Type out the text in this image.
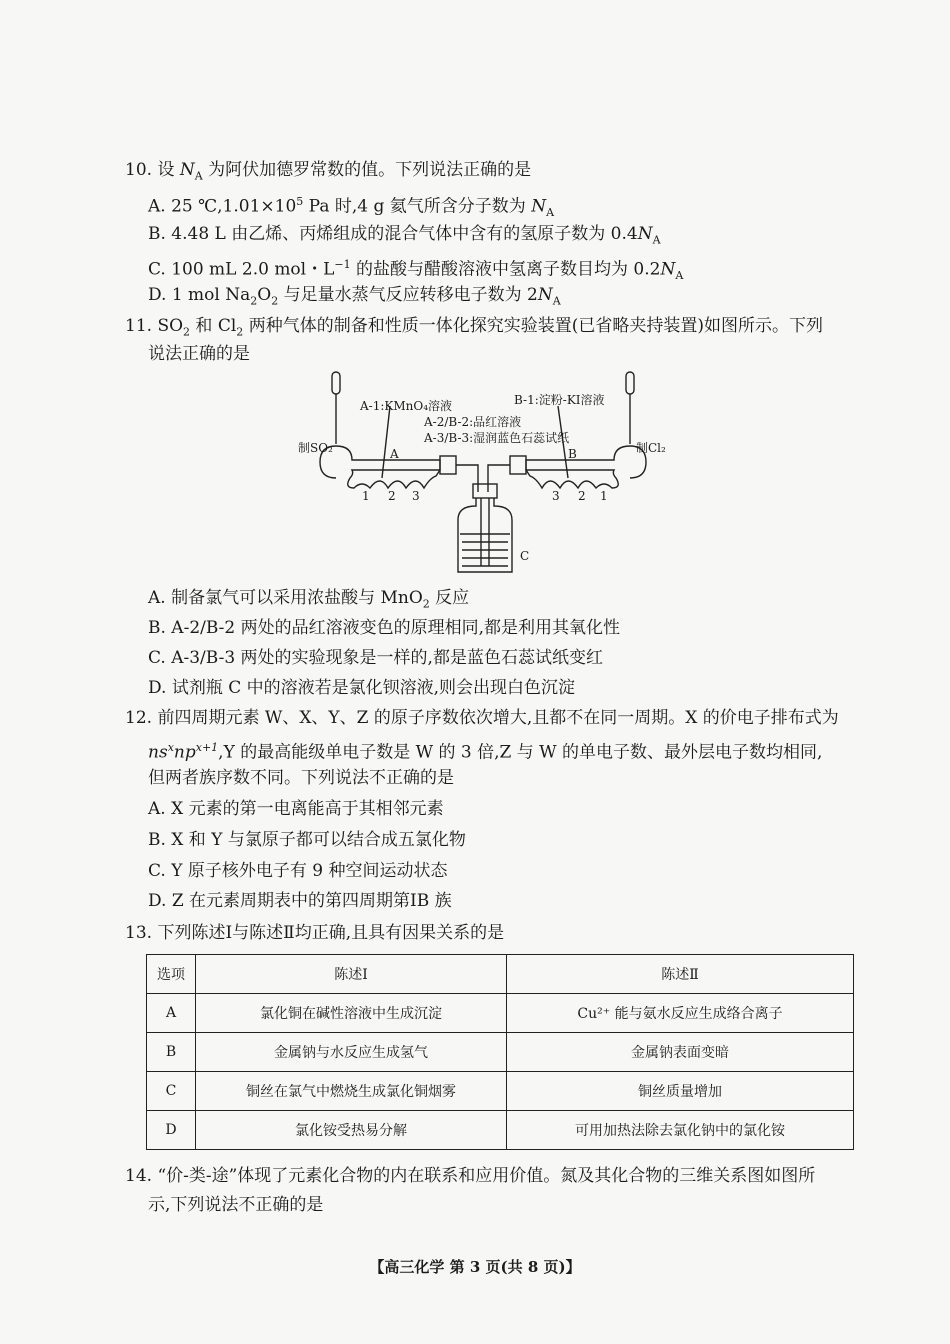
10. 设 $N_A$ 为阿伏加德罗常数的值。下列说法正确的是
A. 25 $℃,1.01\times 10^5$ Pa 时,4 g 氦气所含分子数为 $N_A$
B. 4.48 L 由乙烯、丙烯组成的混合气体中含有的氢原子数为 $0.4N_A$
C. 100 mL 2.0 mol・$L^{-1}$ 的盐酸与醋酸溶液中氢离子数目均为 $0.2N_A$
D. 1 mol $Na_2O_2$ 与足量水蒸气反应转移电子数为 $2N_A$
11. $SO_2$ 和 $Cl_2$ 两种气体的制备和性质一体化探究实验装置(已省略夹持装置)如图所示。下列
说法正确的是
A-1:KMnO₄溶液	B-1:淀粉-KI溶液
A-2/B-2:品红溶液
A-3/B-3:湿润蓝色石蕊试纸
制SO₂	制Cl₂
A	B
C
1 2 3	3 2 1
A. 制备氯气可以采用浓盐酸与 MnO$_2$ 反应
B. A-2/B-2 两处的品红溶液变色的原理相同,都是利用其氧化性
C. A-3/B-3 两处的实验现象是一样的,都是蓝色石蕊试纸变红
D. 试剂瓶 C 中的溶液若是氯化钡溶液,则会出现白色沉淀
12. 前四周期元素 W、X、Y、Z 的原子序数依次增大,且都不在同一周期。X 的价电子排布式为
$ns^xnp^{x+1},Y$ 的最高能级单电子数是 W 的 3 倍,Z 与 W 的单电子数、最外层电子数均相同,
但两者族序数不同。下列说法不正确的是
A. X 元素的第一电离能高于其相邻元素
B. X 和 Y 与氯原子都可以结合成五氯化物
C. Y 原子核外电子有 9 种空间运动状态
D. Z 在元素周期表中的第四周期第ⅠB 族
13. 下列陈述Ⅰ与陈述Ⅱ均正确,且具有因果关系的是
选项	陈述Ⅰ	陈述Ⅱ
A	氯化铜在碱性溶液中生成沉淀	Cu²⁺ 能与氨水反应生成络合离子
B	金属钠与水反应生成氢气	金属钠表面变暗
C	铜丝在氯气中燃烧生成氯化铜烟雾	铜丝质量增加
D	氯化铵受热易分解	可用加热法除去氯化钠中的氯化铵
14. “价-类-途”体现了元素化合物的内在联系和应用价值。氮及其化合物的三维关系图如图所
示,下列说法不正确的是
【高三化学 第 3 页(共 8 页)】
